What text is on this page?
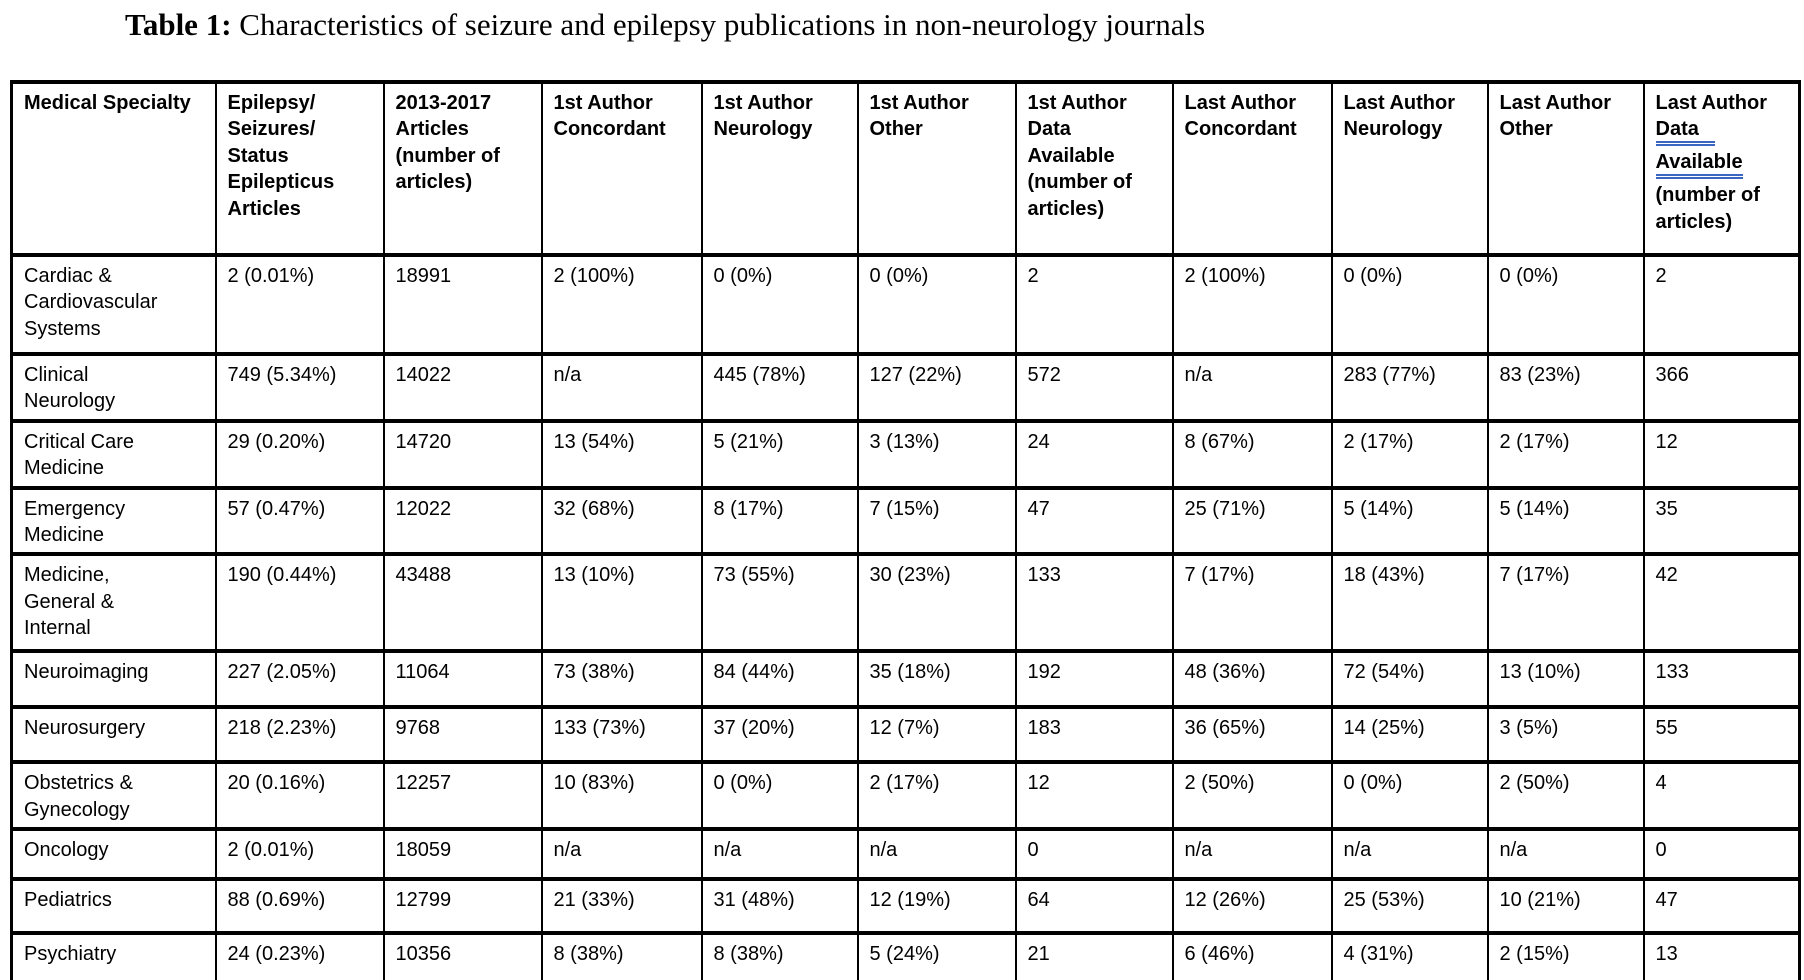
Table 1: Characteristics of seizure and epilepsy publications in non-neurology journals
Medical Specialty	Epilepsy/ Seizures/ Status Epilepticus Articles	2013-2017 Articles (number of articles)	1st Author Concordant	1st Author Neurology	1st Author Other	1st Author Data Available (number of articles)	Last Author Concordant	Last Author Neurology	Last Author Other	Last Author Data Available (number of articles)
Cardiac & Cardiovascular Systems	2 (0.01%)	18991	2 (100%)	0 (0%)	0 (0%)	2	2 (100%)	0 (0%)	0 (0%)	2
Clinical Neurology	749 (5.34%)	14022	n/a	445 (78%)	127 (22%)	572	n/a	283 (77%)	83 (23%)	366
Critical Care Medicine	29 (0.20%)	14720	13 (54%)	5 (21%)	3 (13%)	24	8 (67%)	2 (17%)	2 (17%)	12
Emergency Medicine	57 (0.47%)	12022	32 (68%)	8 (17%)	7 (15%)	47	25 (71%)	5 (14%)	5 (14%)	35
Medicine, General & Internal	190 (0.44%)	43488	13 (10%)	73 (55%)	30 (23%)	133	7 (17%)	18 (43%)	7 (17%)	42
Neuroimaging	227 (2.05%)	11064	73 (38%)	84 (44%)	35 (18%)	192	48 (36%)	72 (54%)	13 (10%)	133
Neurosurgery	218 (2.23%)	9768	133 (73%)	37 (20%)	12 (7%)	183	36 (65%)	14 (25%)	3 (5%)	55
Obstetrics & Gynecology	20 (0.16%)	12257	10 (83%)	0 (0%)	2 (17%)	12	2 (50%)	0 (0%)	2 (50%)	4
Oncology	2 (0.01%)	18059	n/a	n/a	n/a	0	n/a	n/a	n/a	0
Pediatrics	88 (0.69%)	12799	21 (33%)	31 (48%)	12 (19%)	64	12 (26%)	25 (53%)	10 (21%)	47
Psychiatry	24 (0.23%)	10356	8 (38%)	8 (38%)	5 (24%)	21	6 (46%)	4 (31%)	2 (15%)	13
